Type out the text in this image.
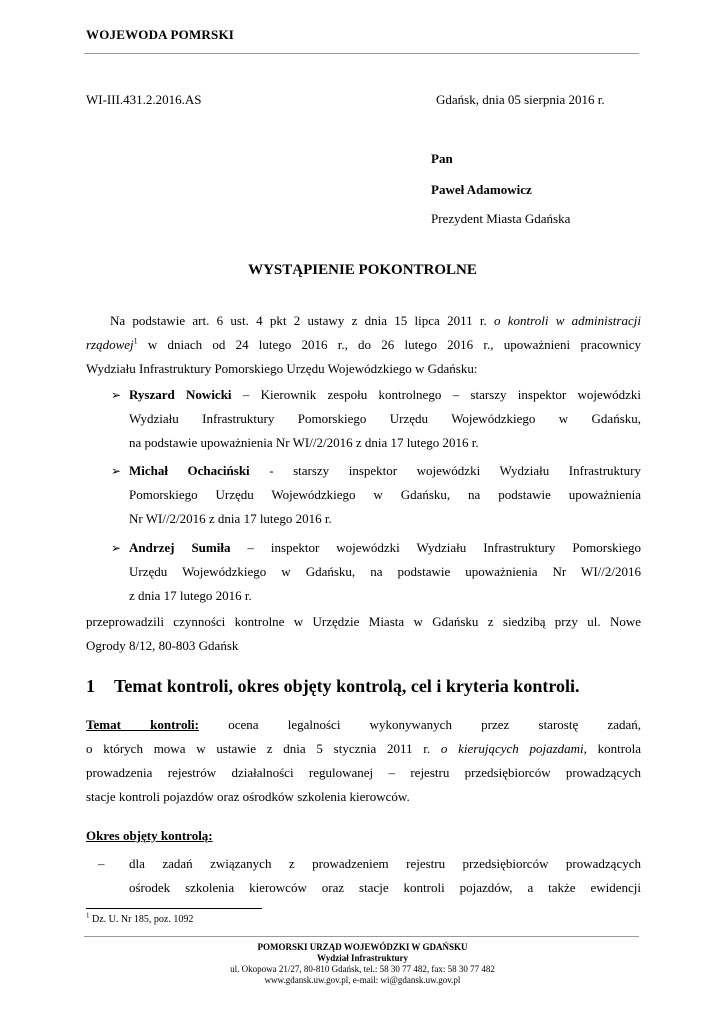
WOJEWODA POMRSKI
WI-III.431.2.2016.AS	Gdańsk, dnia 05 sierpnia 2016 r.
Pan
Paweł Adamowicz
Prezydent Miasta Gdańska
WYSTĄPIENIE POKONTROLNE
Na podstawie art. 6 ust. 4 pkt 2 ustawy z dnia 15 lipca 2011 r. o kontroli w administracji
rządowej$^1$ w dniach od 24 lutego 2016 r., do 26 lutego 2016 r., upoważnieni pracownicy
Wydziału Infrastruktury Pomorskiego Urzędu Wojewódzkiego w Gdańsku:
➢ Ryszard Nowicki – Kierownik zespołu kontrolnego – starszy inspektor wojewódzki
Wydziału Infrastruktury Pomorskiego Urzędu Wojewódzkiego w Gdańsku,
na podstawie upoważnienia Nr WI//2/2016 z dnia 17 lutego 2016 r.
➢ Michał Ochaciński - starszy inspektor wojewódzki Wydziału Infrastruktury
Pomorskiego Urzędu Wojewódzkiego w Gdańsku, na podstawie upoważnienia
Nr WI//2/2016 z dnia 17 lutego 2016 r.
➢ Andrzej Sumiła – inspektor wojewódzki Wydziału Infrastruktury Pomorskiego
Urzędu Wojewódzkiego w Gdańsku, na podstawie upoważnienia Nr WI//2/2016
z dnia 17 lutego 2016 r.
przeprowadzili czynności kontrolne w Urzędzie Miasta w Gdańsku z siedzibą przy ul. Nowe
Ogrody 8/12, 80-803 Gdańsk
1 Temat kontroli, okres objęty kontrolą, cel i kryteria kontroli.
Temat kontroli: ocena legalności wykonywanych przez starostę zadań,
o których mowa w ustawie z dnia 5 stycznia 2011 r. o kierujących pojazdami, kontrola
prowadzenia rejestrów działalności regulowanej – rejestru przedsiębiorców prowadzących
stacje kontroli pojazdów oraz ośrodków szkolenia kierowców.
Okres objęty kontrolą:
– dla zadań związanych z prowadzeniem rejestru przedsiębiorców prowadzących
ośrodek szkolenia kierowców oraz stacje kontroli pojazdów, a także ewidencji
$^1$ Dz. U. Nr 185, poz. 1092
POMORSKI URZĄD WOJEWÓDZKI W GDAŃSKU
Wydział Infrastruktury
ul. Okopowa 21/27, 80-810 Gdańsk, tel.: 58 30 77 482, fax: 58 30 77 482
www.gdansk.uw.gov.pl, e-mail: wi@gdansk.uw.gov.pl
